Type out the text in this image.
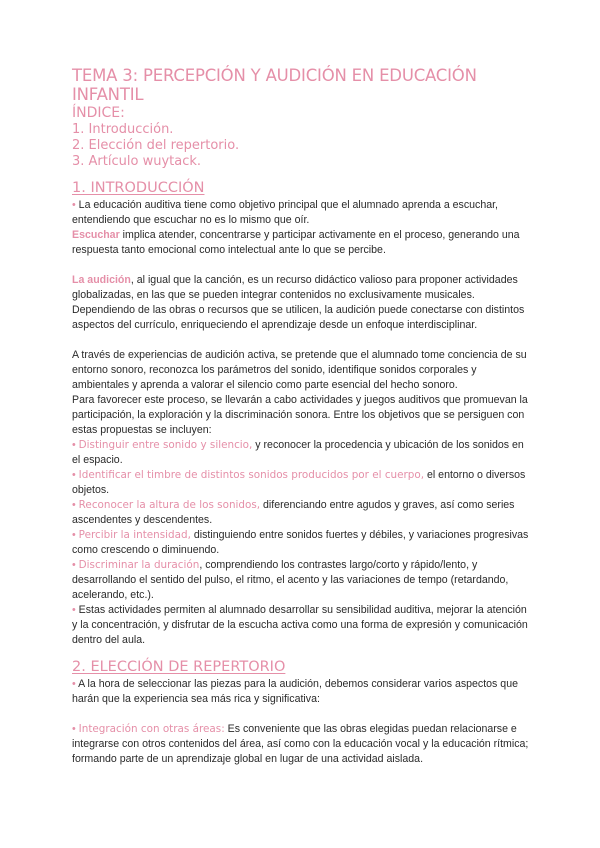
TEMA 3: PERCEPCIÓN Y AUDICIÓN EN EDUCACIÓN INFANTIL
ÍNDICE:
1. Introducción.
2. Elección del repertorio.
3. Artículo wuytack.
1. INTRODUCCIÓN

• La educación auditiva tiene como objetivo principal que el alumnado aprenda a escuchar, entendiendo que escuchar no es lo mismo que oír.

Escuchar implica atender, concentrarse y participar activamente en el proceso, generando una respuesta tanto emocional como intelectual ante lo que se percibe.

La audición, al igual que la canción, es un recurso didáctico valioso para proponer actividades globalizadas, en las que se pueden integrar contenidos no exclusivamente musicales. Dependiendo de las obras o recursos que se utilicen, la audición puede conectarse con distintos aspectos del currículo, enriqueciendo el aprendizaje desde un enfoque interdisciplinar.

A través de experiencias de audición activa, se pretende que el alumnado tome conciencia de su entorno sonoro, reconozca los parámetros del sonido, identifique sonidos corporales y ambientales y aprenda a valorar el silencio como parte esencial del hecho sonoro.

Para favorecer este proceso, se llevarán a cabo actividades y juegos auditivos que promuevan la participación, la exploración y la discriminación sonora. Entre los objetivos que se persiguen con estas propuestas se incluyen:

• Distinguir entre sonido y silencio, y reconocer la procedencia y ubicación de los sonidos en el espacio.

• Identificar el timbre de distintos sonidos producidos por el cuerpo, el entorno o diversos objetos.

• Reconocer la altura de los sonidos, diferenciando entre agudos y graves, así como series ascendentes y descendentes.

• Percibir la intensidad, distinguiendo entre sonidos fuertes y débiles, y variaciones progresivas como crescendo o diminuendo.

• Discriminar la duración, comprendiendo los contrastes largo/corto y rápido/lento, y desarrollando el sentido del pulso, el ritmo, el acento y las variaciones de tempo (retardando, acelerando, etc.).

• Estas actividades permiten al alumnado desarrollar su sensibilidad auditiva, mejorar la atención y la concentración, y disfrutar de la escucha activa como una forma de expresión y comunicación dentro del aula.

2. ELECCIÓN DE REPERTORIO

• A la hora de seleccionar las piezas para la audición, debemos considerar varios aspectos que harán que la experiencia sea más rica y significativa:

• Integración con otras áreas: Es conveniente que las obras elegidas puedan relacionarse e integrarse con otros contenidos del área, así como con la educación vocal y la educación rítmica; formando parte de un aprendizaje global en lugar de una actividad aislada.
